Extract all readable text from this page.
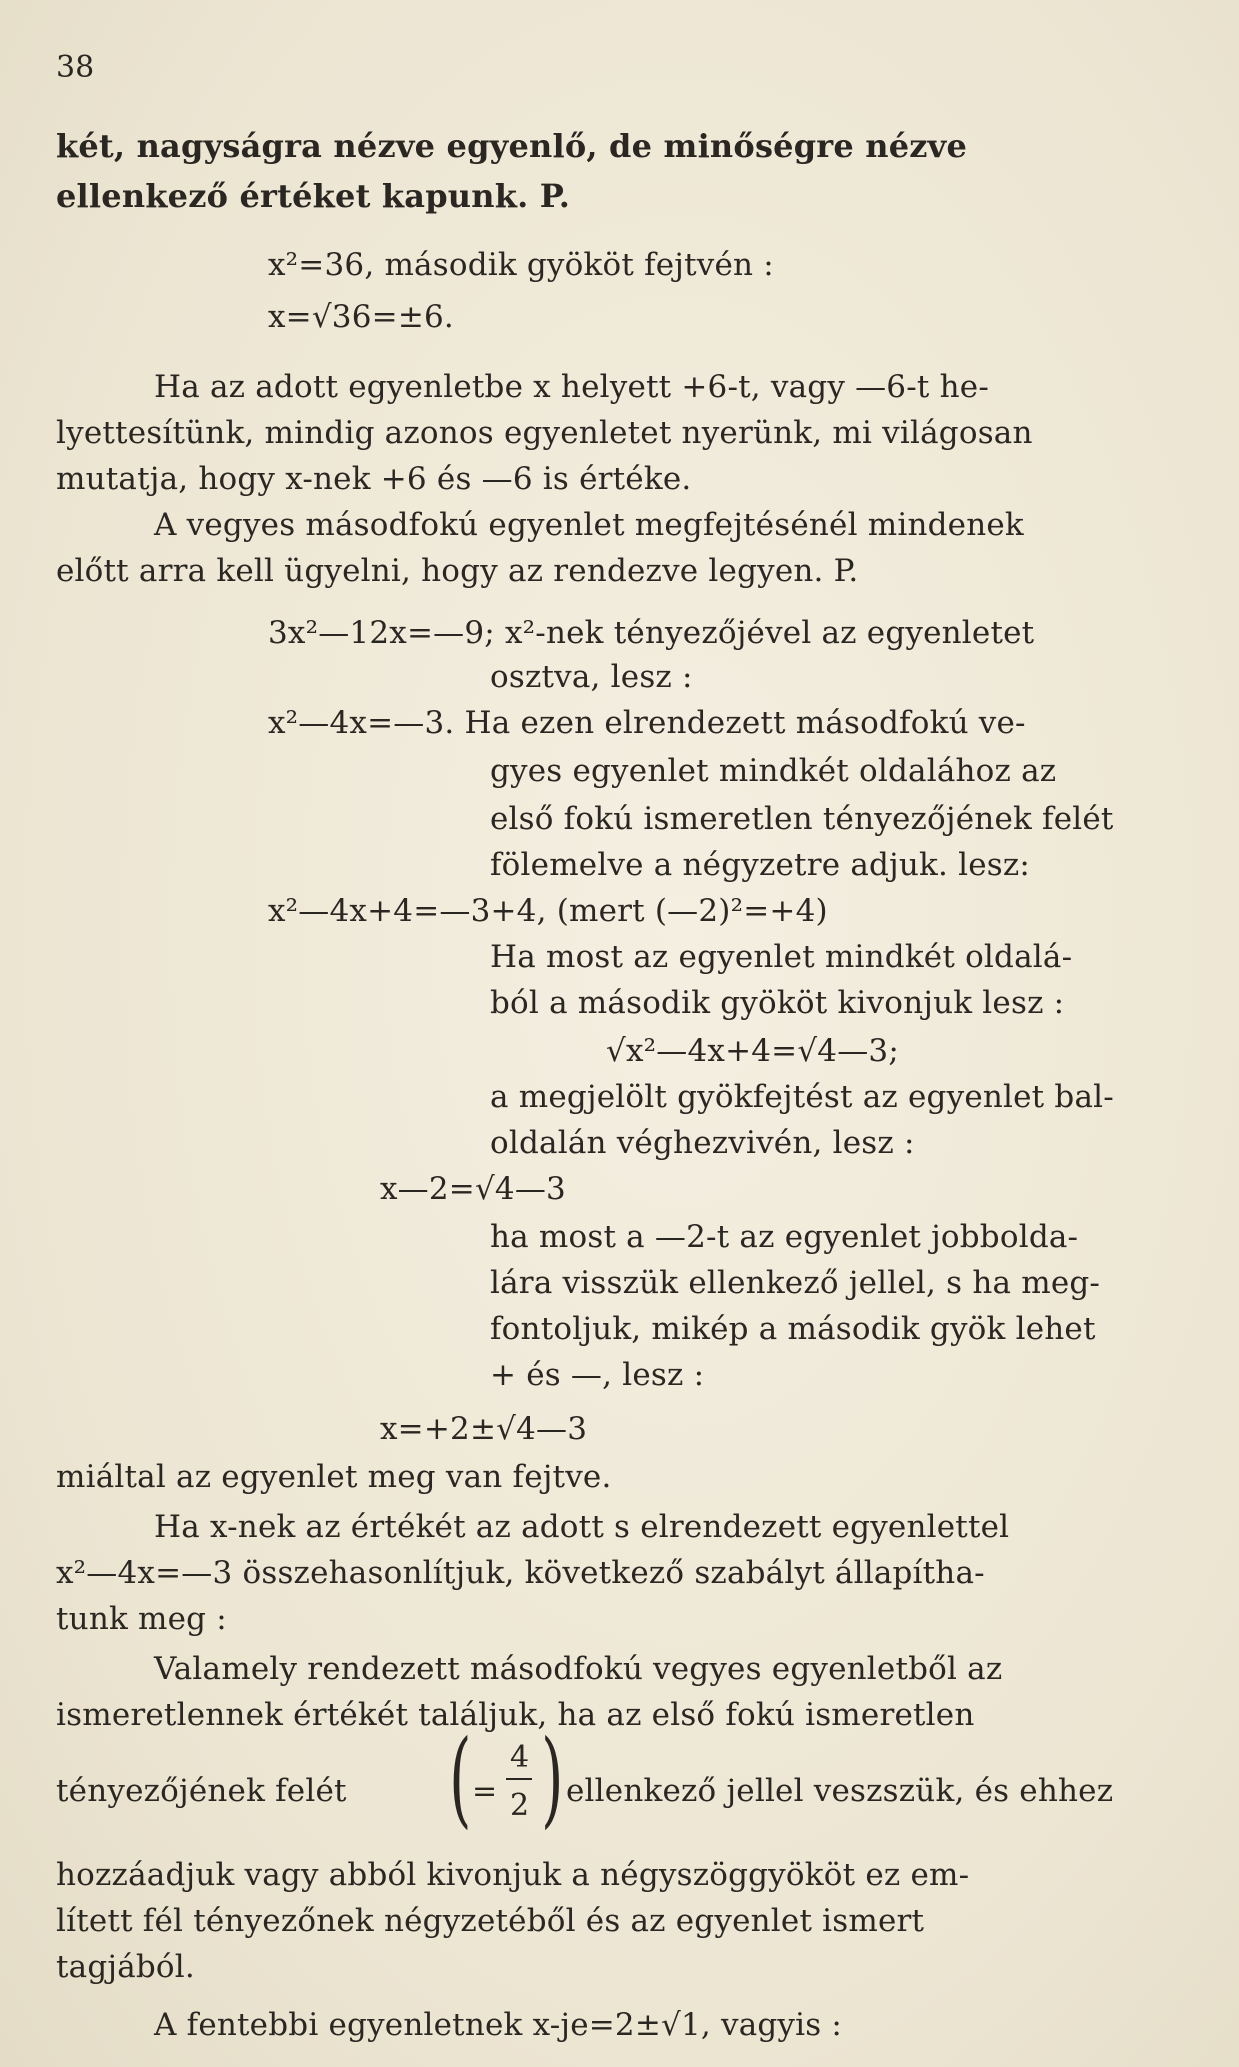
38
két, nagyságra nézve egyenlő, de minőségre nézve
ellenkező értéket kapunk. P.
x²=36, második gyököt fejtvén :
x=√36=±6.
Ha az adott egyenletbe x helyett +6-t, vagy —6-t he-
lyettesítünk, mindig azonos egyenletet nyerünk, mi világosan
mutatja, hogy x-nek +6 és —6 is értéke.
A vegyes másodfokú egyenlet megfejtésénél mindenek
előtt arra kell ügyelni, hogy az rendezve legyen. P.
3x²—12x=—9; x²-nek tényezőjével az egyenletet
osztva, lesz :
x²—4x=—3. Ha ezen elrendezett másodfokú ve-
gyes egyenlet mindkét oldalához az
első fokú ismeretlen tényezőjének felét
fölemelve a négyzetre adjuk. lesz:
x²—4x+4=—3+4, (mert (—2)²=+4)
Ha most az egyenlet mindkét oldalá-
ból a második gyököt kivonjuk lesz :
√x²—4x+4=√4—3;
a megjelölt gyökfejtést az egyenlet bal-
oldalán véghezvivén, lesz :
x—2=√4—3
ha most a —2-t az egyenlet jobbolda-
lára visszük ellenkező jellel, s ha meg-
fontoljuk, mikép a második gyök lehet
+ és —, lesz :
x=+2±√4—3
miáltal az egyenlet meg van fejtve.
Ha x-nek az értékét az adott s elrendezett egyenlettel
x²—4x=—3 összehasonlítjuk, következő szabályt állapítha-
tunk meg :
Valamely rendezett másodfokú vegyes egyenletből az
ismeretlennek értékét találjuk, ha az első fokú ismeretlen
tényezőjének felét ( =
4
2 ) ellenkező jellel veszszük, és ehhez
hozzáadjuk vagy abból kivonjuk a négyszöggyököt ez em-
lített fél tényezőnek négyzetéből és az egyenlet ismert
tagjából.
A fentebbi egyenletnek x-je=2±√1, vagyis :
